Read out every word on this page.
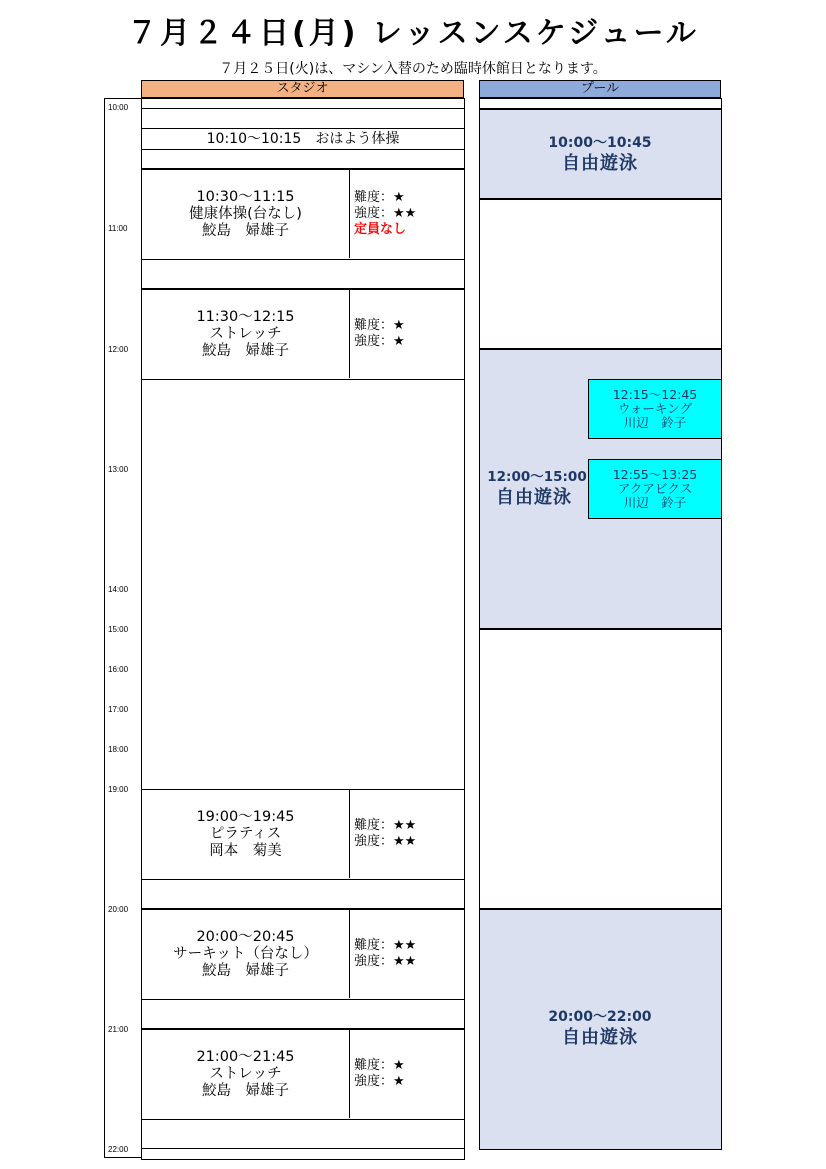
７月２４日(月) レッスンスケジュール
７月２５日(火)は、マシン入替のため臨時休館日となります。
スタジオ	プール
10:00
11:00
12:00
13:00
14:00
15:00
16:00
17:00
18:00
19:00
20:00
21:00
22:00
10:10～10:15　おはよう体操
10:30～11:15
健康体操(台なし)
鮫島　婦雄子
難度：★
強度：★★
定員なし
11:30～12:15
ストレッチ
鮫島　婦雄子
難度：★
強度：★
19:00～19:45
ピラティス
岡本　菊美
難度：★★
強度：★★
20:00～20:45
サーキット（台なし）
鮫島　婦雄子
難度：★★
強度：★★
21:00～21:45
ストレッチ
鮫島　婦雄子
難度：★
強度：★
10:00～10:45
自由遊泳
12:00～15:00
自由遊泳
12:15～12:45
ウォーキング
川辺　鈴子
12:55～13:25
アクアビクス
川辺　鈴子
20:00～22:00
自由遊泳
